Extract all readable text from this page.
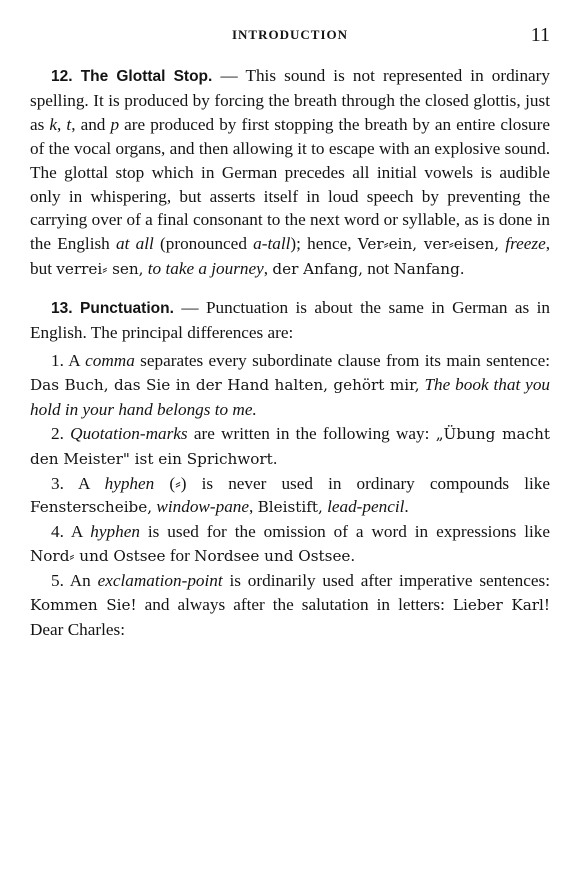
INTRODUCTION	11

12. The Glottal Stop. — This sound is not represented in ordinary spelling. It is produced by forcing the breath through the closed glottis, just as k, t, and p are produced by first stopping the breath by an entire closure of the vocal organs, and then allowing it to escape with an explosive sound. The glottal stop which in German precedes all initial vowels is audible only in whispering, but asserts itself in loud speech by preventing the carrying over of a final consonant to the next word or syllable, as is done in the English at all (pronounced a-tall); hence, Ver⸗ein, ver⸗eisen, freeze, but verrei⸗ sen, to take a journey, der Anfang, not Nanfang.

13. Punctuation. — Punctuation is about the same in German as in English. The principal differences are:

1. A comma separates every subordinate clause from its main sentence: Das Buch, das Sie in der Hand halten, gehört mir, The book that you hold in your hand belongs to me.

2. Quotation-marks are written in the following way: „Übung macht den Meister" ist ein Sprichwort.

3. A hyphen (⸗) is never used in ordinary compounds like Fensterscheibe, window-pane, Bleistift, lead-pencil.

4. A hyphen is used for the omission of a word in expressions like Nord⸗ und Ostsee for Nordsee und Ostsee.

5. An exclamation-point is ordinarily used after imperative sentences: Kommen Sie! and always after the salutation in letters: Lieber Karl! Dear Charles:
